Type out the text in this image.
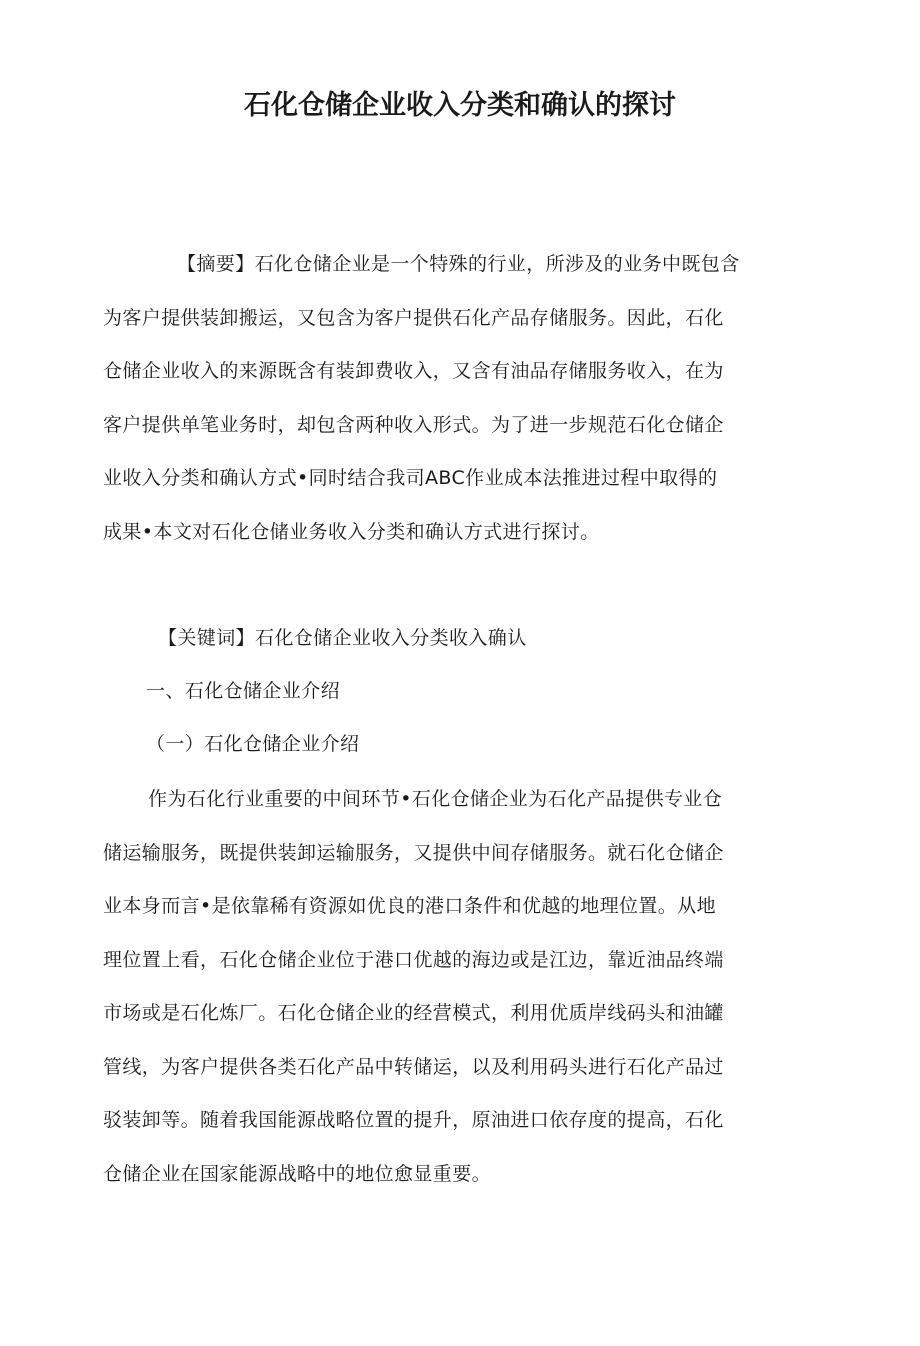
石化仓储企业收入分类和确认的探讨
【摘要】石化仓储企业是一个特殊的行业，所涉及的业务中既包含
为客户提供装卸搬运，又包含为客户提供石化产品存储服务。因此，石化
仓储企业收入的来源既含有装卸费收入，又含有油品存储服务收入，在为
客户提供单笔业务时，却包含两种收入形式。为了进一步规范石化仓储企
业收入分类和确认方式•同时结合我司ABC作业成本法推进过程中取得的
成果•本文对石化仓储业务收入分类和确认方式进行探讨。
【关键词】石化仓储企业收入分类收入确认
一、石化仓储企业介绍
（一）石化仓储企业介绍
作为石化行业重要的中间环节•石化仓储企业为石化产品提供专业仓
储运输服务，既提供装卸运输服务，又提供中间存储服务。就石化仓储企
业本身而言•是依靠稀有资源如优良的港口条件和优越的地理位置。从地
理位置上看，石化仓储企业位于港口优越的海边或是江边，靠近油品终端
市场或是石化炼厂。石化仓储企业的经营模式，利用优质岸线码头和油罐
管线，为客户提供各类石化产品中转储运，以及利用码头进行石化产品过
驳装卸等。随着我国能源战略位置的提升，原油进口依存度的提高，石化
仓储企业在国家能源战略中的地位愈显重要。
